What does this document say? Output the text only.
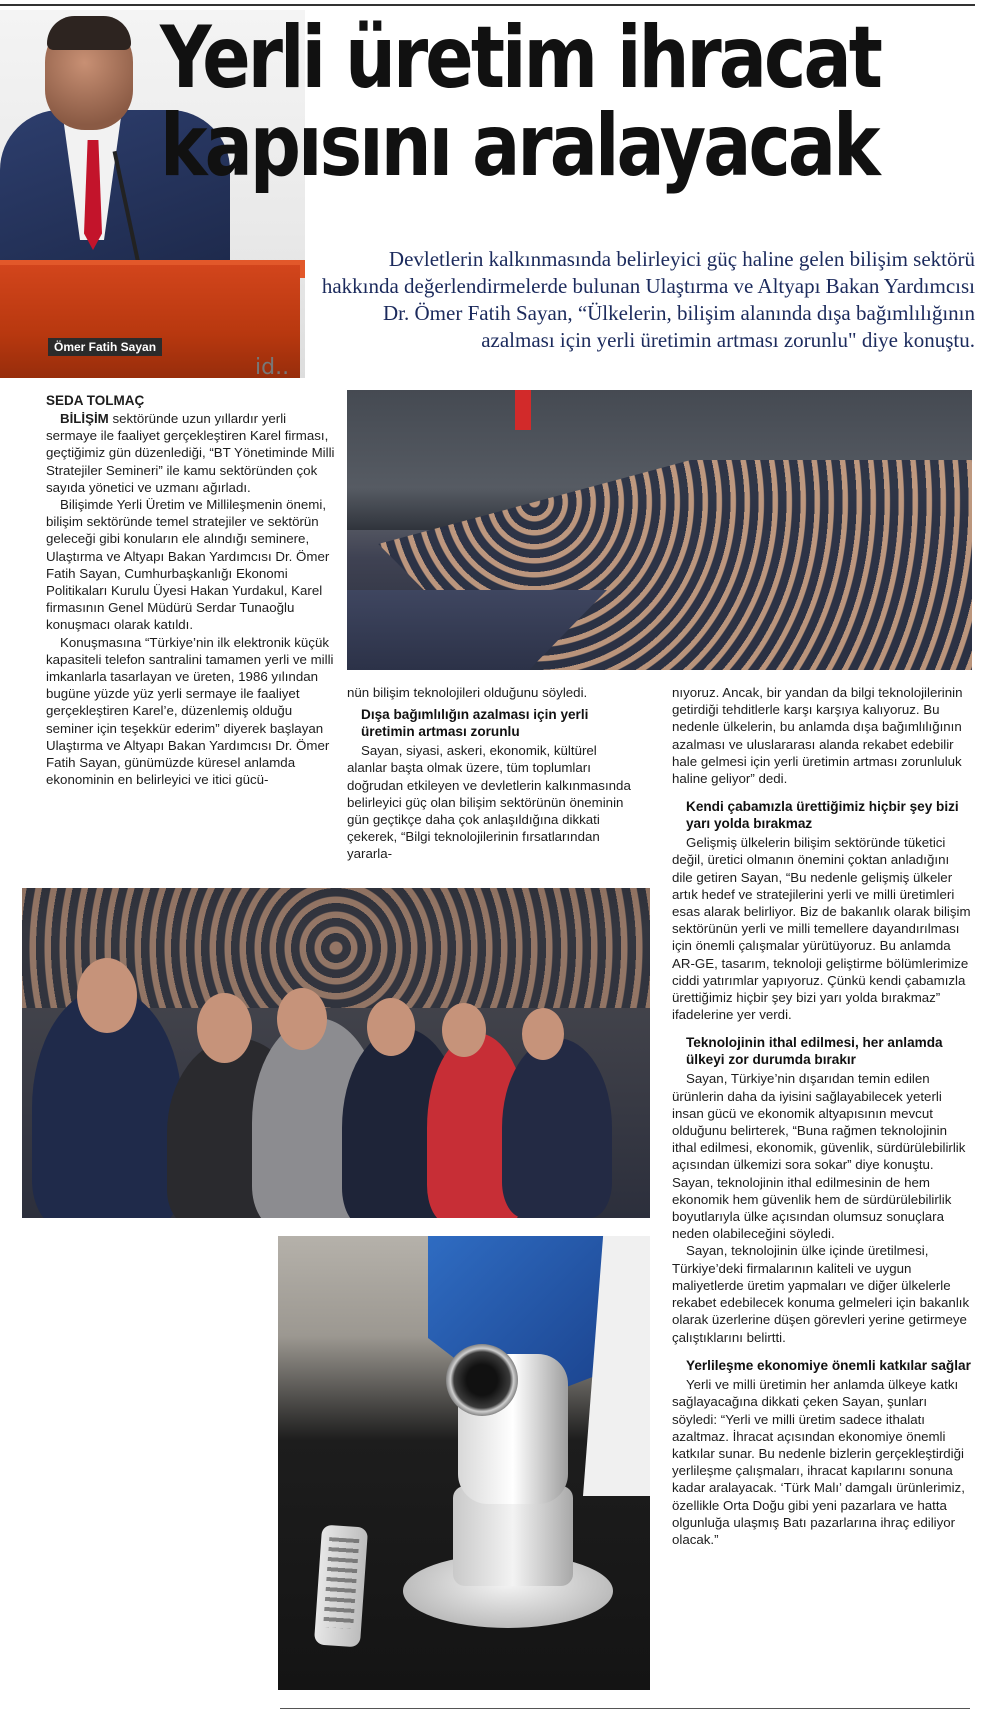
Ömer Fatih Sayan
id..
Yerli üretim ihracat
kapısını aralayacak

Devletlerin kalkınmasında belirleyici güç haline gelen bilişim sektörü hakkında değerlendirmelerde bulunan Ulaştırma ve Altyapı Bakan Yardımcısı Dr. Ömer Fatih Sayan, “Ülkelerin, bilişim alanında dışa bağımlılığının azalması için yerli üretimin artması zorunlu" diye konuştu.

SEDA TOLMAÇ

BİLİŞİM sektöründe uzun yıllardır yerli sermaye ile faaliyet gerçekleştiren Karel firması, geçtiğimiz gün düzenlediği, “BT Yönetiminde Milli Stratejiler Semineri” ile kamu sektöründen çok sayıda yönetici ve uzmanı ağırladı.

Bilişimde Yerli Üretim ve Millileşmenin önemi, bilişim sektöründe temel stratejiler ve sektörün geleceği gibi konuların ele alındığı seminere, Ulaştırma ve Altyapı Bakan Yardımcısı Dr. Ömer Fatih Sayan, Cumhurbaşkanlığı Ekonomi Politikaları Kurulu Üyesi Hakan Yurdakul, Karel firmasının Genel Müdürü Serdar Tunaoğlu konuşmacı olarak katıldı.

Konuşmasına “Türkiye’nin ilk elektronik küçük kapasiteli telefon santralini tamamen yerli ve milli imkanlarla tasarlayan ve üreten, 1986 yılından bugüne yüzde yüz yerli sermaye ile faaliyet gerçekleştiren Karel’e, düzenlemiş olduğu seminer için teşekkür ederim” diyerek başlayan Ulaştırma ve Altyapı Bakan Yardımcısı Dr. Ömer Fatih Sayan, günümüzde küresel anlamda ekonominin en belirleyici ve itici gücü-

nün bilişim teknolojileri olduğunu söyledi.

Dışa bağımlılığın azalması için yerli üretimin artması zorunlu

Sayan, siyasi, askeri, ekonomik, kültürel alanlar başta olmak üzere, tüm toplumları doğrudan etkileyen ve devletlerin kalkınmasında belirleyici güç olan bilişim sektörünün öneminin gün geçtikçe daha çok anlaşıldığına dikkati çekerek, “Bilgi teknolojilerinin fırsatlarından yararla-

nıyoruz. Ancak, bir yandan da bilgi teknolojilerinin getirdiği tehditlerle karşı karşıya kalıyoruz. Bu nedenle ülkelerin, bu anlamda dışa bağımlılığının azalması ve uluslararası alanda rekabet edebilir hale gelmesi için yerli üretimin artması zorunluluk haline geliyor” dedi.

Kendi çabamızla ürettiğimiz hiçbir şey bizi yarı yolda bırakmaz

Gelişmiş ülkelerin bilişim sektöründe tüketici değil, üretici olmanın önemini çoktan anladığını dile getiren Sayan, “Bu nedenle gelişmiş ülkeler artık hedef ve stratejilerini yerli ve milli üretimleri esas alarak belirliyor. Biz de bakanlık olarak bilişim sektörünün yerli ve milli temellere dayandırılması için önemli çalışmalar yürütüyoruz. Bu anlamda AR-GE, tasarım, teknoloji geliştirme bölümlerimize ciddi yatırımlar yapıyoruz. Çünkü kendi çabamızla ürettiğimiz hiçbir şey bizi yarı yolda bırakmaz” ifadelerine yer verdi.

Teknolojinin ithal edilmesi, her anlamda ülkeyi zor durumda bırakır

Sayan, Türkiye’nin dışarıdan temin edilen ürünlerin daha da iyisini sağlayabilecek yeterli insan gücü ve ekonomik altyapısının mevcut olduğunu belirterek, “Buna rağmen teknolojinin ithal edilmesi, ekonomik, güvenlik, sürdürülebilirlik açısından ülkemizi sora sokar” diye konuştu. Sayan, teknolojinin ithal edilmesinin de hem ekonomik hem güvenlik hem de sürdürülebilirlik boyutlarıyla ülke açısından olumsuz sonuçlara neden olabileceğini söyledi.

Sayan, teknolojinin ülke içinde üretilmesi, Türkiye’deki firmalarının kaliteli ve uygun maliyetlerde üretim yapmaları ve diğer ülkelerle rekabet edebilecek konuma gelmeleri için bakanlık olarak üzerlerine düşen görevleri yerine getirmeye çalıştıklarını belirtti.

Yerlileşme ekonomiye önemli katkılar sağlar

Yerli ve milli üretimin her anlamda ülkeye katkı sağlayacağına dikkati çeken Sayan, şunları söyledi: “Yerli ve milli üretim sadece ithalatı azaltmaz. İhracat açısından ekonomiye önemli katkılar sunar. Bu nedenle bizlerin gerçekleştirdiği yerlileşme çalışmaları, ihracat kapılarını sonuna kadar aralayacak. ‘Türk Malı’ damgalı ürünlerimiz, özellikle Orta Doğu gibi yeni pazarlara ve hatta olgunluğa ulaşmış Batı pazarlarına ihraç ediliyor olacak.”
